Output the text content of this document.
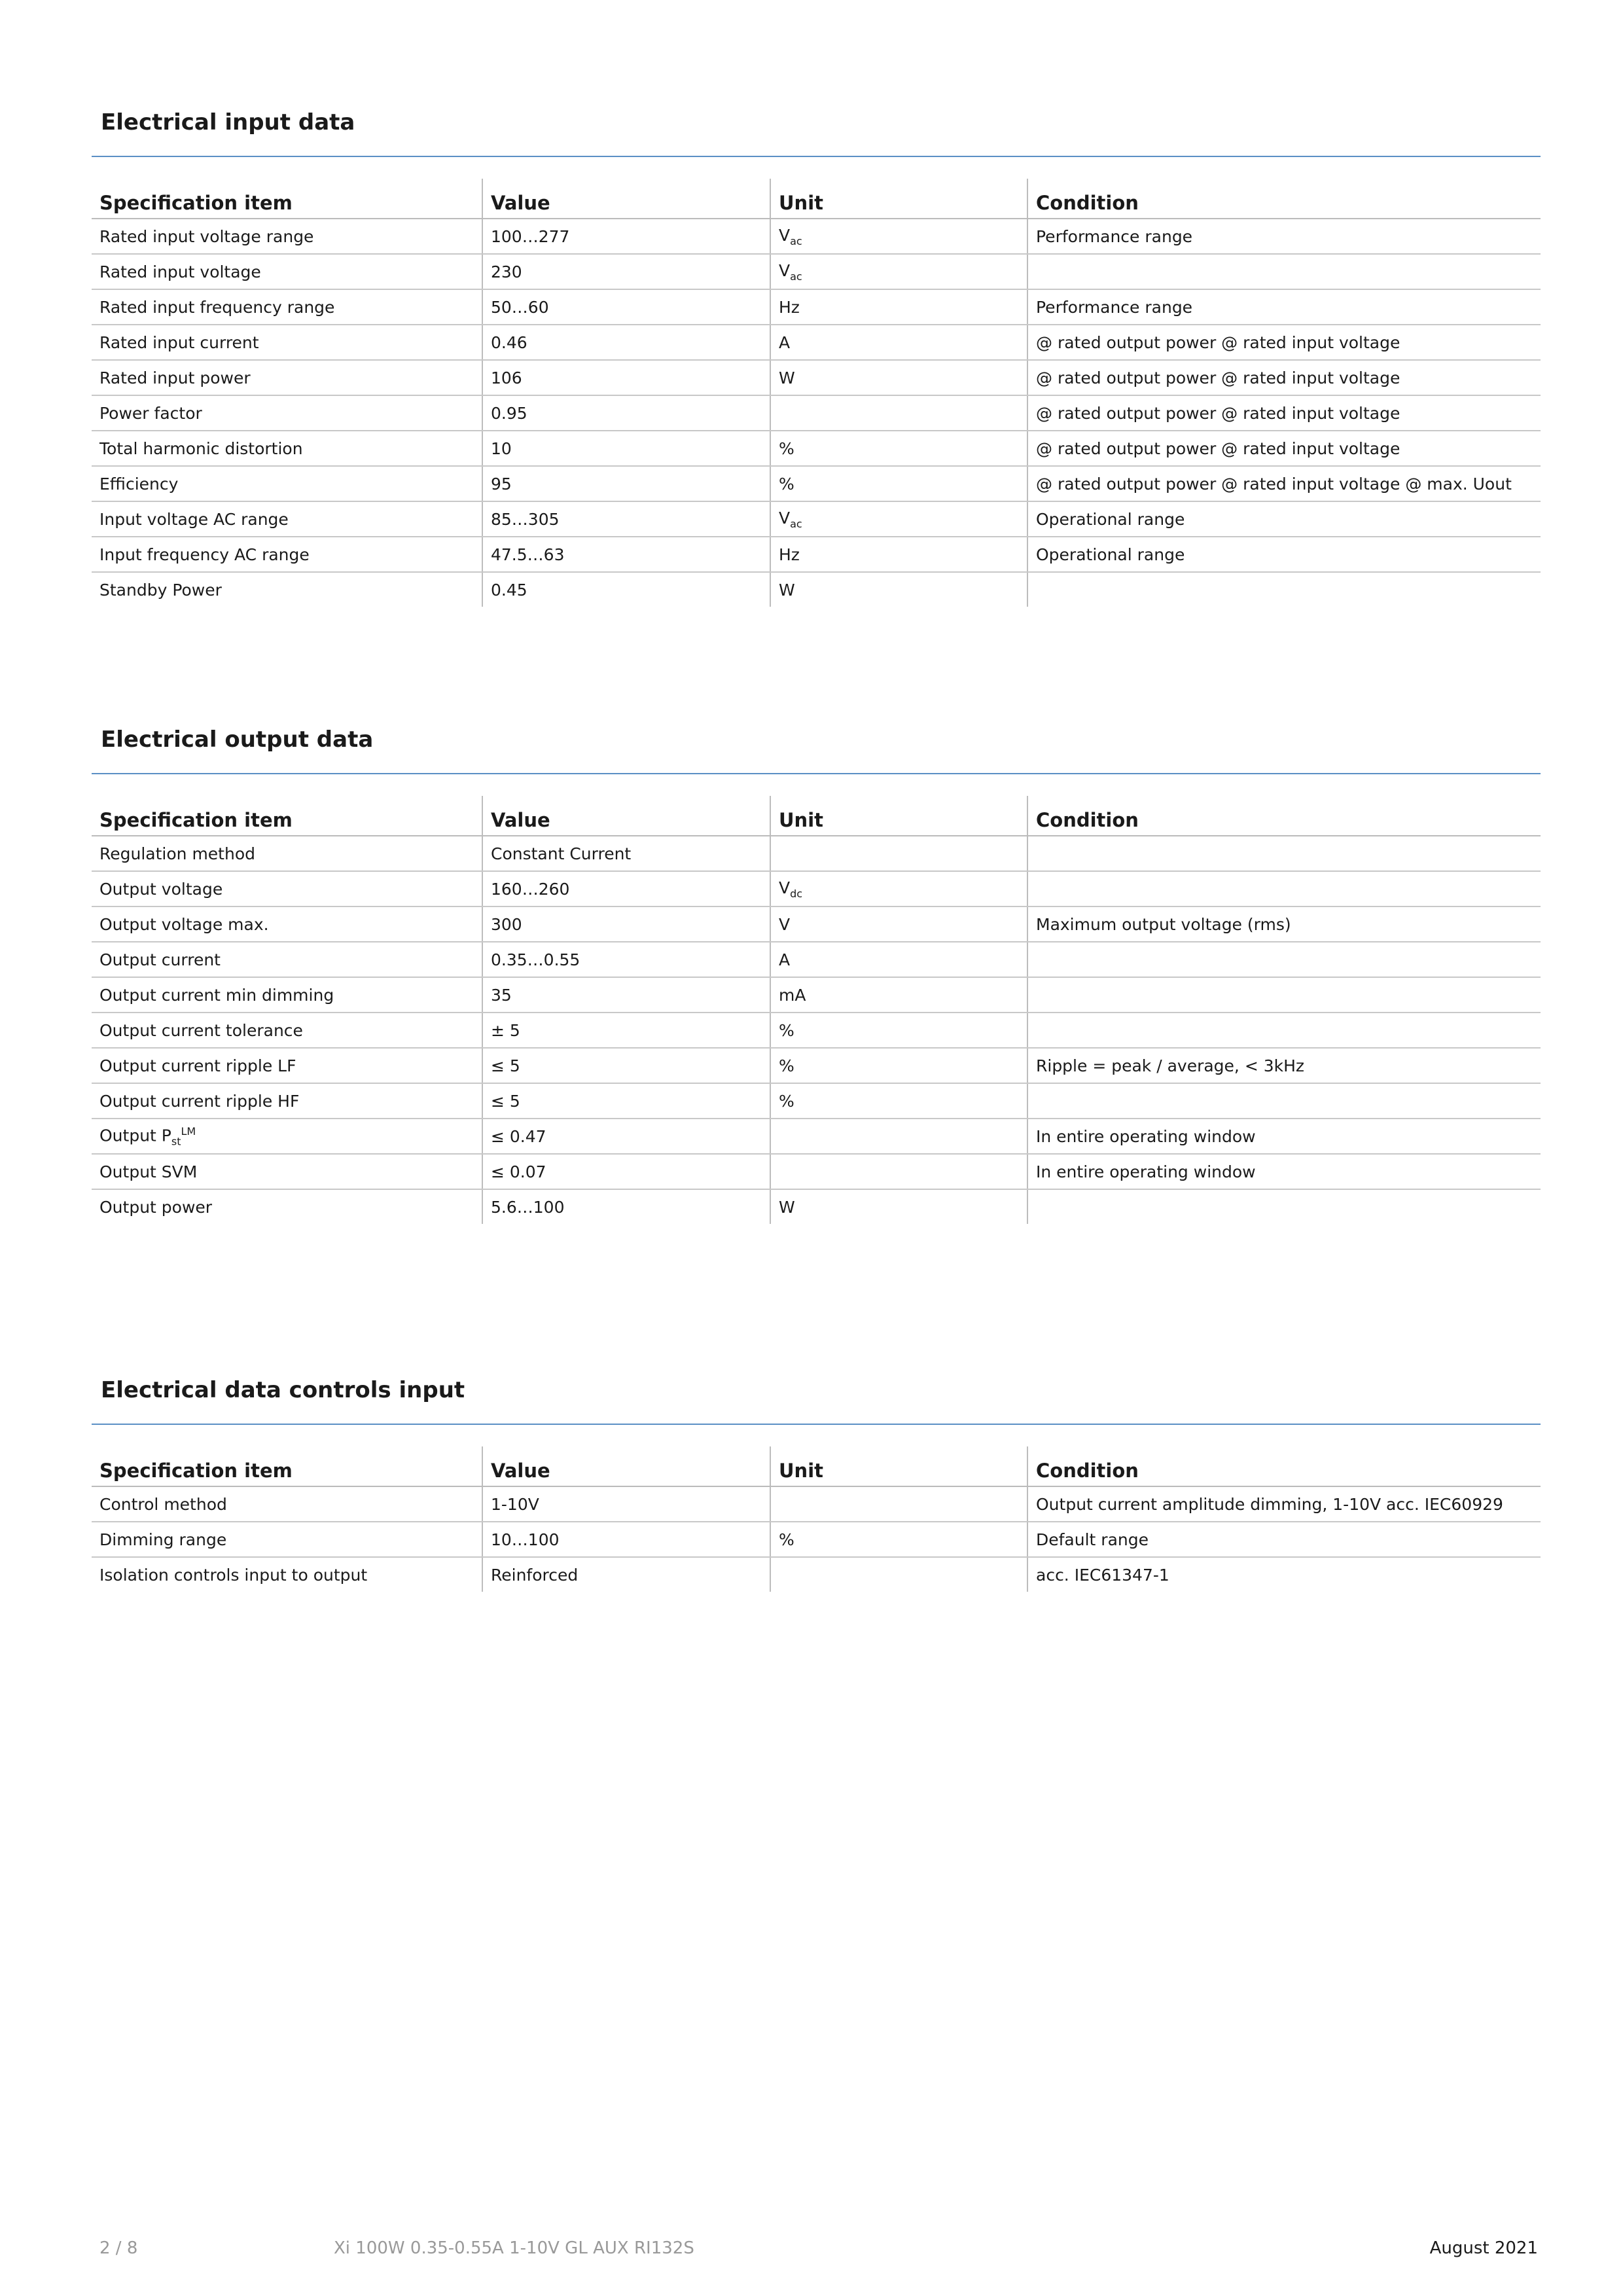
Electrical input data
Specification item	Value	Unit	Condition
Rated input voltage range	100…277	$V_{ac}$	Performance range
Rated input voltage	230	$V_{ac}$	
Rated input frequency range	50…60	Hz	Performance range
Rated input current	0.46	A	@ rated output power @ rated input voltage
Rated input power	106	W	@ rated output power @ rated input voltage
Power factor	0.95		@ rated output power @ rated input voltage
Total harmonic distortion	10	%	@ rated output power @ rated input voltage
Efficiency	95	%	@ rated output power @ rated input voltage @ max. Uout
Input voltage AC range	85…305	$V_{ac}$	Operational range
Input frequency AC range	47.5…63	Hz	Operational range
Standby Power	0.45	W	
Electrical output data
Specification item	Value	Unit	Condition
Regulation method	Constant Current		
Output voltage	160…260	$V_{dc}$	
Output voltage max.	300	V	Maximum output voltage (rms)
Output current	0.35…0.55	A	
Output current min dimming	35	mA	
Output current tolerance	± 5	%	
Output current ripple LF	≤ 5	%	Ripple = peak / average, < 3kHz
Output current ripple HF	≤ 5	%	
Output $P_{st}^{LM}$	≤ 0.47		In entire operating window
Output SVM	≤ 0.07		In entire operating window
Output power	5.6…100	W	
Electrical data controls input
Specification item	Value	Unit	Condition
Control method	1-10V		Output current amplitude dimming, 1-10V acc. IEC60929
Dimming range	10…100	%	Default range
Isolation controls input to output	Reinforced		acc. IEC61347-1
2 / 8	Xi 100W 0.35-0.55A 1-10V GL AUX RI132S	August 2021
